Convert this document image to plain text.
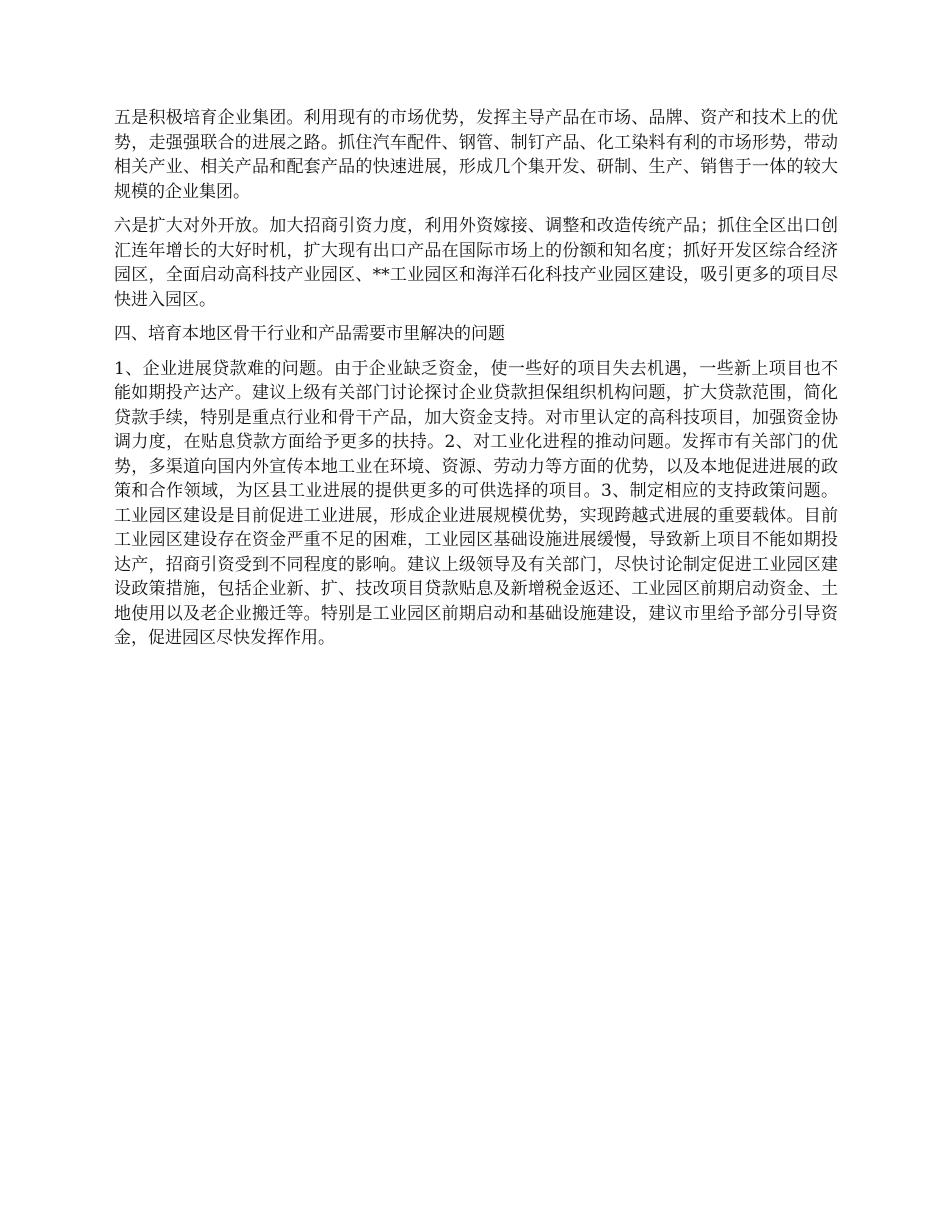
五是积极培育企业集团。利用现有的市场优势，发挥主导产品在市场、品牌、资产和技术上的优势，走强强联合的进展之路。抓住汽车配件、钢管、制钉产品、化工染料有利的市场形势，带动相关产业、相关产品和配套产品的快速进展，形成几个集开发、研制、生产、销售于一体的较大规模的企业集团。

六是扩大对外开放。加大招商引资力度，利用外资嫁接、调整和改造传统产品；抓住全区出口创汇连年增长的大好时机，扩大现有出口产品在国际市场上的份额和知名度；抓好开发区综合经济园区，全面启动高科技产业园区、**工业园区和海洋石化科技产业园区建设，吸引更多的项目尽快进入园区。

四、培育本地区骨干行业和产品需要市里解决的问题

1、企业进展贷款难的问题。由于企业缺乏资金，使一些好的项目失去机遇，一些新上项目也不能如期投产达产。建议上级有关部门讨论探讨企业贷款担保组织机构问题，扩大贷款范围，简化贷款手续，特别是重点行业和骨干产品，加大资金支持。对市里认定的高科技项目，加强资金协调力度，在贴息贷款方面给予更多的扶持。2、对工业化进程的推动问题。发挥市有关部门的优势，多渠道向国内外宣传本地工业在环境、资源、劳动力等方面的优势，以及本地促进进展的政策和合作领域，为区县工业进展的提供更多的可供选择的项目。3、制定相应的支持政策问题。工业园区建设是目前促进工业进展，形成企业进展规模优势，实现跨越式进展的重要载体。目前工业园区建设存在资金严重不足的困难，工业园区基础设施进展缓慢，导致新上项目不能如期投达产，招商引资受到不同程度的影响。建议上级领导及有关部门，尽快讨论制定促进工业园区建设政策措施，包括企业新、扩、技改项目贷款贴息及新增税金返还、工业园区前期启动资金、土地使用以及老企业搬迁等。特别是工业园区前期启动和基础设施建设，建议市里给予部分引导资金，促进园区尽快发挥作用。
